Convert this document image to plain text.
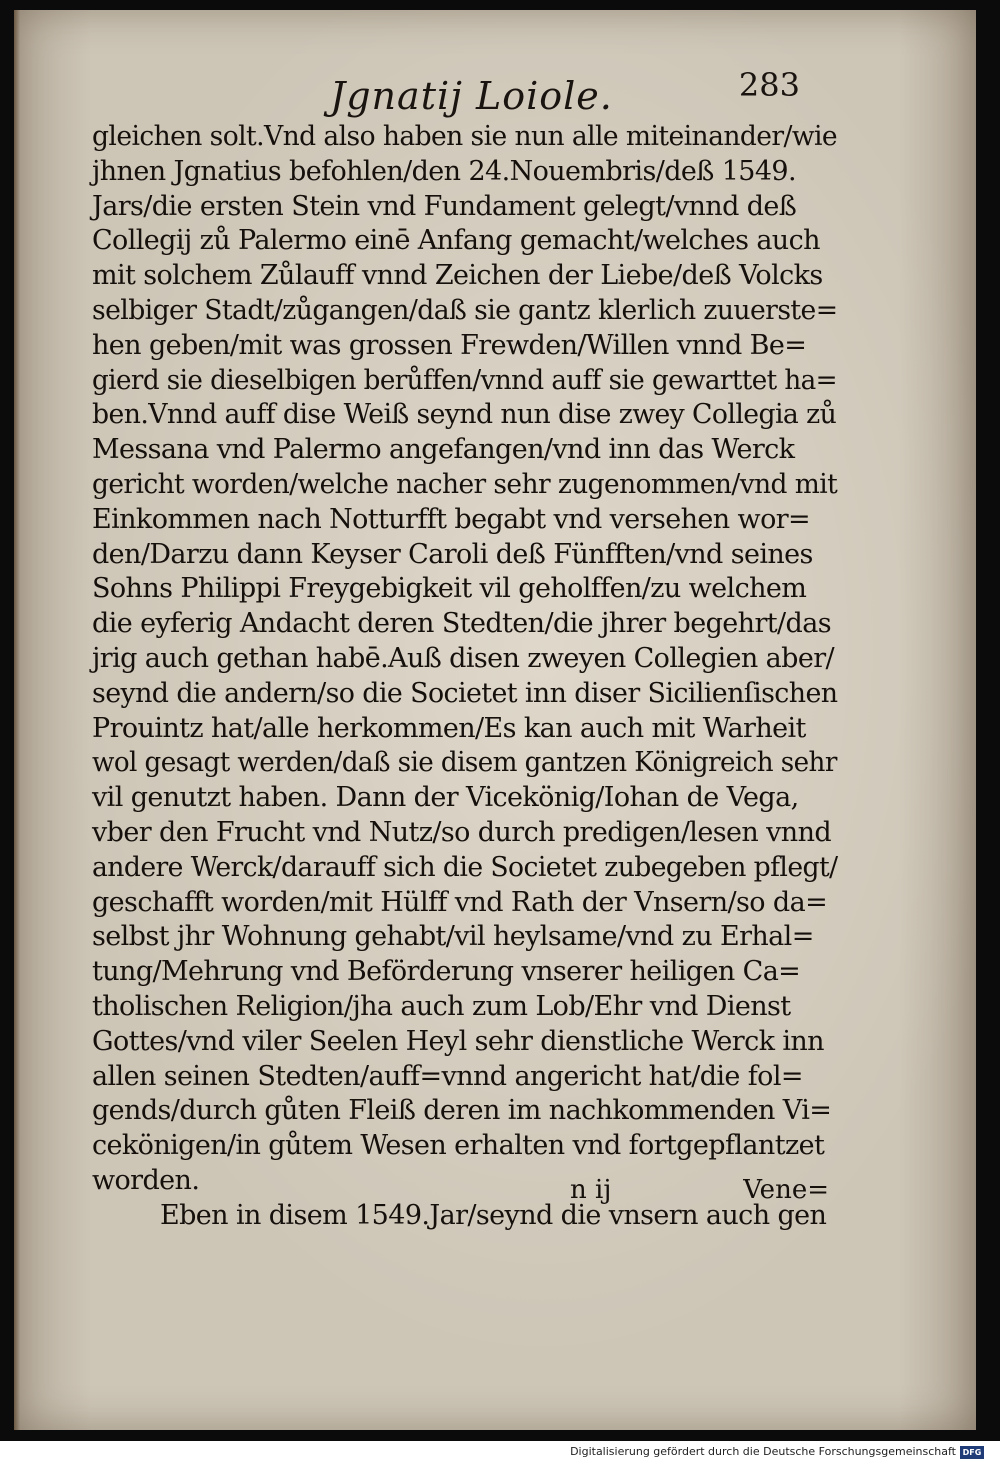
Jgnatij Loiole.	283
gleichen solt.Vnd also haben sie nun alle miteinander/wie
jhnen Jgnatius befohlen/den 24.Nouembris/deß 1549.
Jars/die ersten Stein vnd Fundament gelegt/vnnd deß
Collegij zů Palermo einē Anfang gemacht/welches auch
mit solchem Zůlauff vnnd Zeichen der Liebe/deß Volcks
selbiger Stadt/zůgangen/daß sie gantz klerlich zuuerste=
hen geben/mit was grossen Frewden/Willen vnnd Be=
gierd sie dieselbigen berůffen/vnnd auff sie gewarttet ha=
ben.Vnnd auff dise Weiß seynd nun dise zwey Collegia zů
Messana vnd Palermo angefangen/vnd inn das Werck
gericht worden/welche nacher sehr zugenommen/vnd mit
Einkommen nach Notturfft begabt vnd versehen wor=
den/Darzu dann Keyser Caroli deß Fünfften/vnd seines
Sohns Philippi Freygebigkeit vil geholffen/zu welchem
die eyferig Andacht deren Stedten/die jhrer begehrt/das
jrig auch gethan habē.Auß disen zweyen Collegien aber/
seynd die andern/so die Societet inn diser Sicilienſischen
Prouintz hat/alle herkommen/Es kan auch mit Warheit
wol gesagt werden/daß sie disem gantzen Königreich sehr
vil genutzt haben. Dann der Vicekönig/Iohan de Vega,
vber den Frucht vnd Nutz/so durch predigen/lesen vnnd
andere Werck/darauff sich die Societet zubegeben pflegt/
geschafft worden/mit Hülff vnd Rath der Vnsern/so da=
selbst jhr Wohnung gehabt/vil heylsame/vnd zu Erhal=
tung/Mehrung vnd Beförderung vnserer heiligen Ca=
tholischen Religion/jha auch zum Lob/Ehr vnd Dienst
Gottes/vnd viler Seelen Heyl sehr dienstliche Werck inn
allen seinen Stedten/auff=vnnd angericht hat/die fol=
gends/durch gůten Fleiß deren im nachkommenden Vi=
cekönigen/in gůtem Wesen erhalten vnd fortgepflantzet
worden.
Eben in disem 1549.Jar/seynd die vnsern auch gen
n ij	Vene=
Digitalisierung gefördert durch die Deutsche Forschungsgemeinschaft DFG
